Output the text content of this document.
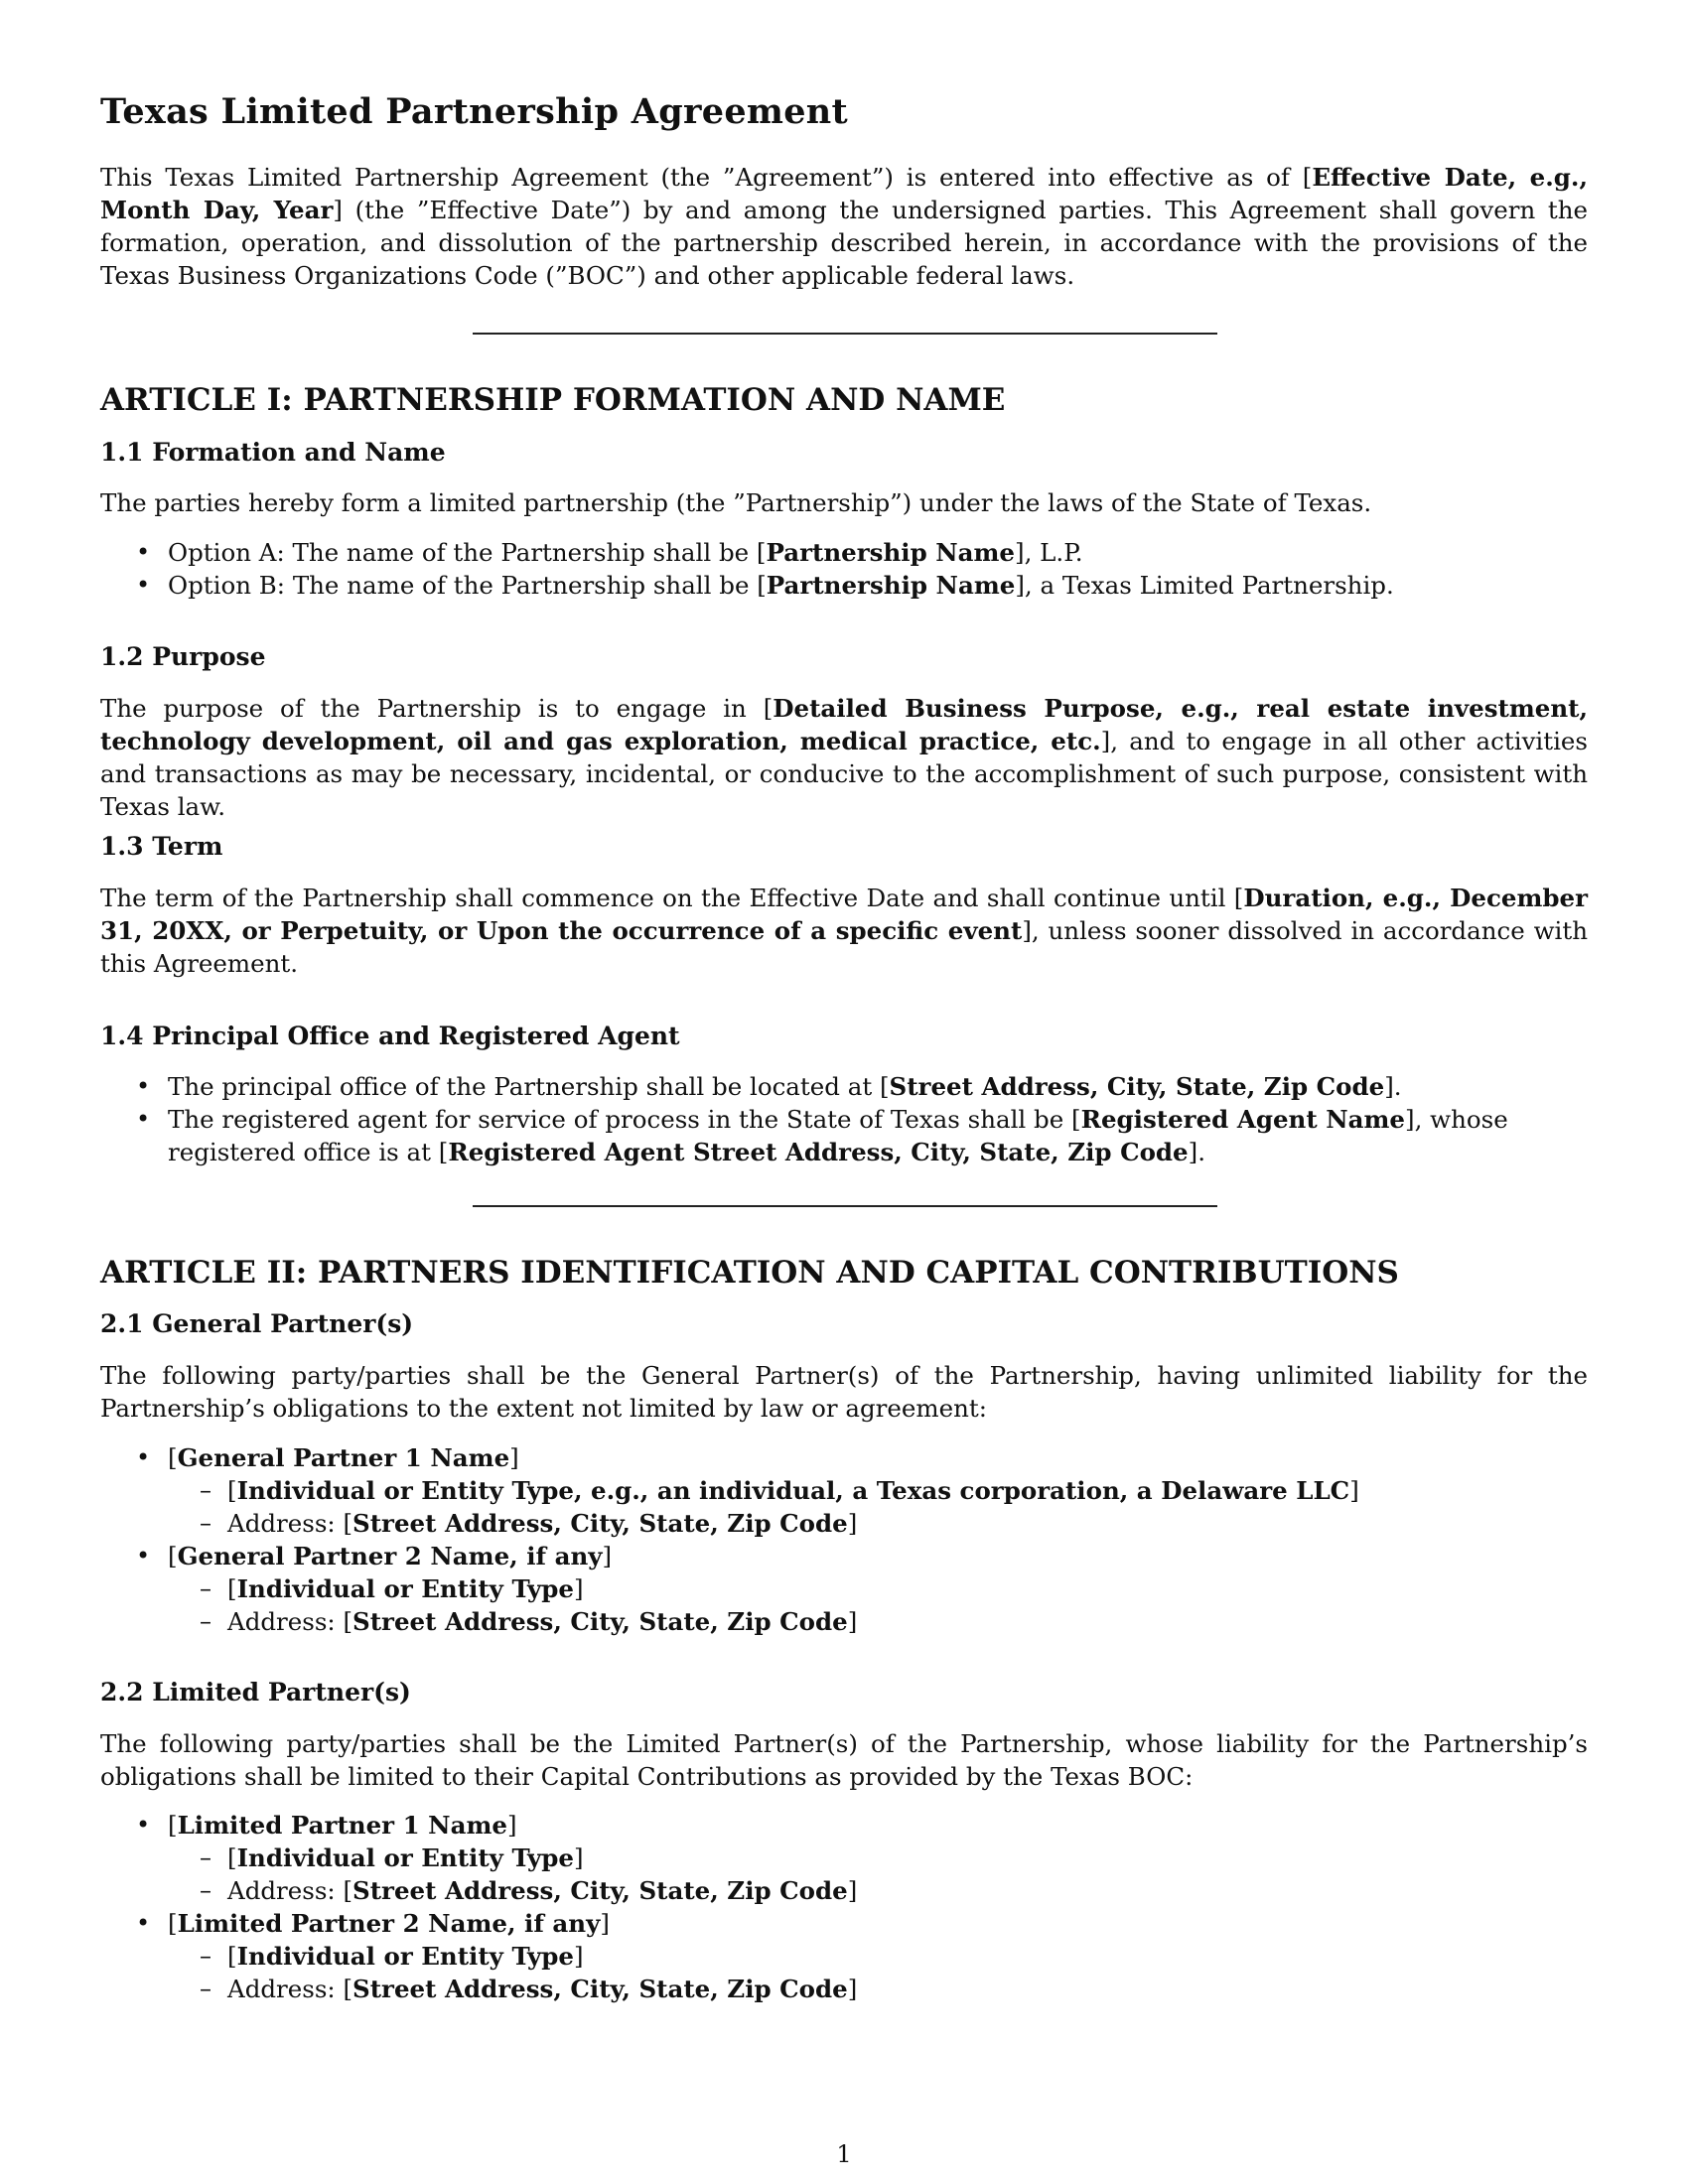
Texas Limited Partnership Agreement

This Texas Limited Partnership Agreement (the ”Agreement”) is entered into effective as of [Effective Date, e.g., Month Day, Year] (the ”Effective Date”) by and among the undersigned parties. This Agreement shall govern the formation, operation, and dissolution of the partnership described herein, in accordance with the provisions of the Texas Business Organizations Code (”BOC”) and other applicable federal laws.

ARTICLE I: PARTNERSHIP FORMATION AND NAME
1.1 Formation and Name

The parties hereby form a limited partnership (the ”Partnership”) under the laws of the State of Texas.

• Option A: The name of the Partnership shall be [Partnership Name], L.P.
• Option B: The name of the Partnership shall be [Partnership Name], a Texas Limited Partnership.
1.2 Purpose

The purpose of the Partnership is to engage in [Detailed Business Purpose, e.g., real estate investment, technology development, oil and gas exploration, medical practice, etc.], and to engage in all other activities and transactions as may be necessary, incidental, or conducive to the accomplishment of such purpose, consistent with Texas law.

1.3 Term

The term of the Partnership shall commence on the Effective Date and shall continue until [Duration, e.g., December 31, 20XX, or Perpetuity, or Upon the occurrence of a specific event], unless sooner dissolved in accordance with this Agreement.

1.4 Principal Office and Registered Agent
• The principal office of the Partnership shall be located at [Street Address, City, State, Zip Code].
• The registered agent for service of process in the State of Texas shall be [Registered Agent Name], whose registered office is at [Registered Agent Street Address, City, State, Zip Code].
ARTICLE II: PARTNERS IDENTIFICATION AND CAPITAL CONTRIBUTIONS
2.1 General Partner(s)

The following party/parties shall be the General Partner(s) of the Partnership, having unlimited liability for the Partnership’s obligations to the extent not limited by law or agreement:

• [General Partner 1 Name]
– [Individual or Entity Type, e.g., an individual, a Texas corporation, a Delaware LLC]
– Address: [Street Address, City, State, Zip Code]
• [General Partner 2 Name, if any]
– [Individual or Entity Type]
– Address: [Street Address, City, State, Zip Code]
2.2 Limited Partner(s)

The following party/parties shall be the Limited Partner(s) of the Partnership, whose liability for the Partnership’s obligations shall be limited to their Capital Contributions as provided by the Texas BOC:

• [Limited Partner 1 Name]
– [Individual or Entity Type]
– Address: [Street Address, City, State, Zip Code]
• [Limited Partner 2 Name, if any]
– [Individual or Entity Type]
– Address: [Street Address, City, State, Zip Code]
1
